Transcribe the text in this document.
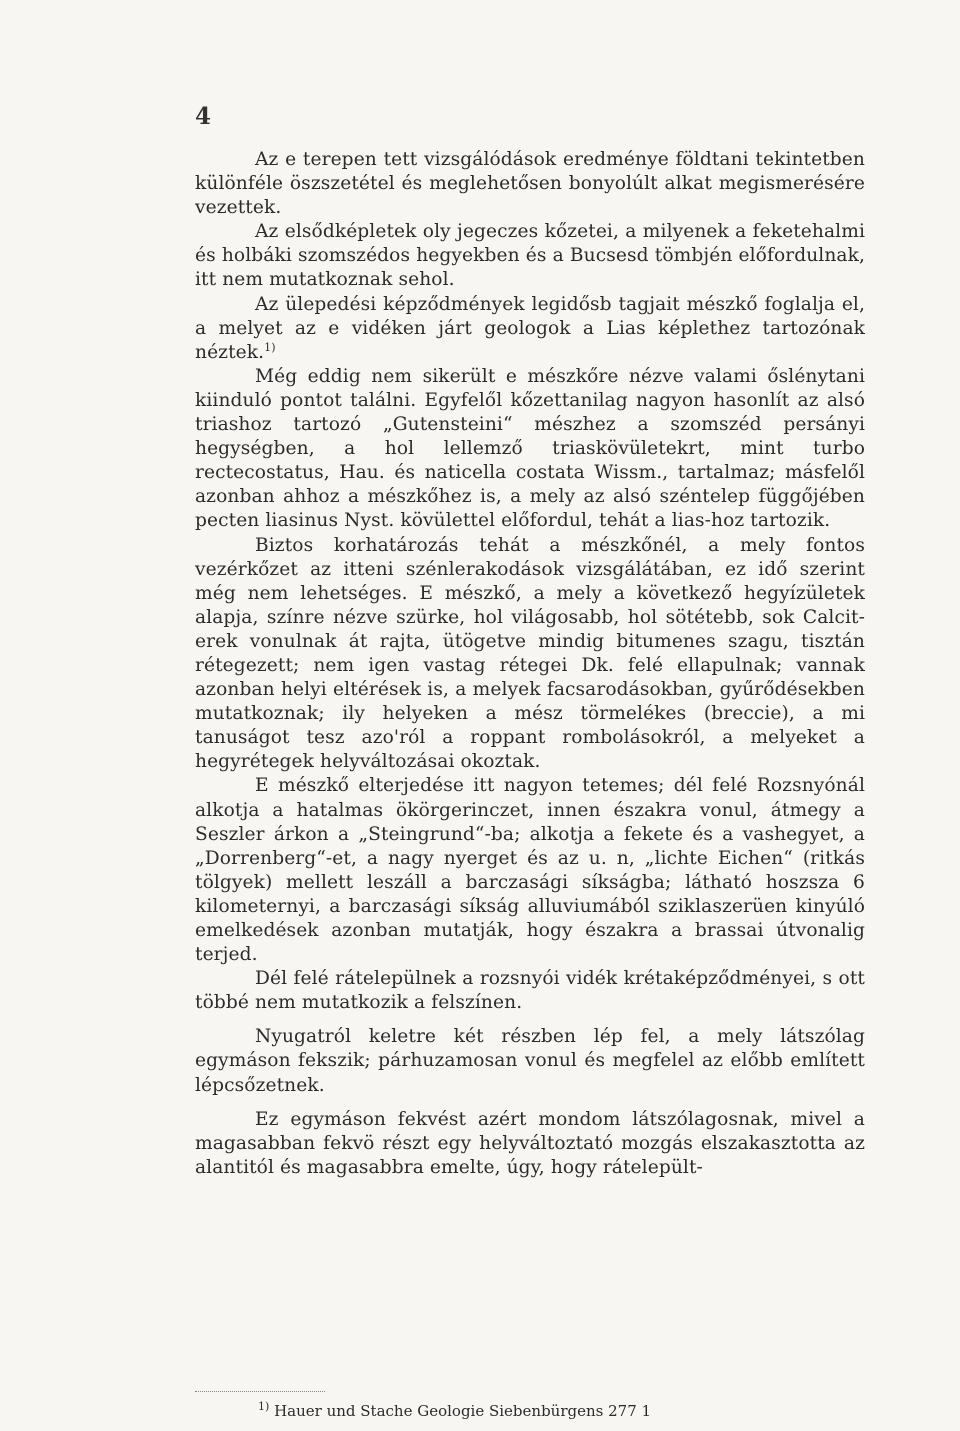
4

Az e terepen tett vizsgálódások eredménye földtani tekintetben különféle öszszetétel és meglehetősen bonyolúlt alkat megismerésére vezettek.

Az elsődképletek oly jegeczes kőzetei, a milyenek a feketehalmi és holbáki szomszédos hegyekben és a Bucsesd tömbjén előfordulnak, itt nem mutatkoznak sehol.

Az ülepedési képződmények legidősb tagjait mészkő foglalja el, a melyet az e vidéken járt geologok a Lias képlethez tartozónak néztek.$^{1)}$

Még eddig nem sikerült e mészkőre nézve valami őslénytani kiinduló pontot találni. Egyfelől kőzettanilag nagyon hasonlít az alsó triashoz tartozó „Gutensteini“ mészhez a szomszéd persányi hegységben, a hol lellemző triaskövületekrt, mint turbo rectecostatus, Hau. és naticella costata Wissm., tartalmaz; másfelől azonban ahhoz a mészkőhez is, a mely az alsó széntelep függőjében pecten liasinus Nyst. kövülettel előfordul, tehát a lias-hoz tartozik.

Biztos korhatározás tehát a mészkőnél, a mely fontos vezérkőzet az itteni szénlerakodások vizsgálátában, ez idő szerint még nem lehetséges. E mészkő, a mely a következő hegyízületek alapja, színre nézve szürke, hol világosabb, hol sötétebb, sok Calcit-erek vonulnak át rajta, ütögetve mindig bitumenes szagu, tisztán rétegezett; nem igen vastag rétegei Dk. felé ellapulnak; vannak azonban helyi eltérések is, a melyek facsarodásokban, gyűrődésekben mutatkoznak; ily helyeken a mész törmelékes (breccie), a mi tanuságot tesz azo'ról a roppant rombolásokról, a melyeket a hegyrétegek helyváltozásai okoztak.

E mészkő elterjedése itt nagyon tetemes; dél felé Rozsnyónál alkotja a hatalmas ökörgerinczet, innen északra vonul, átmegy a Seszler árkon a „Steingrund“-ba; alkotja a fekete és a vashegyet, a „Dorrenberg“-et, a nagy nyerget és az u. n, „lichte Eichen“ (ritkás tölgyek) mellett leszáll a barczasági síkságba; látható hoszsza 6 kilometernyi, a barczasági síkság alluviumából sziklaszerüen kinyúló emelkedések azonban mutatják, hogy északra a brassai útvonalig terjed.

Dél felé rátelepülnek a rozsnyói vidék krétaképződményei, s ott többé nem mutatkozik a felszínen.

Nyugatról keletre két részben lép fel, a mely látszólag egymáson fekszik; párhuzamosan vonul és megfelel az előbb említett lépcsőzetnek.

Ez egymáson fekvést azért mondom látszólagosnak, mivel a magasabban fekvö részt egy helyváltoztató mozgás elszakasztotta az alantitól és magasabbra emelte, úgy, hogy rátelepült-

$^{1)}$ Hauer und Stache Geologie Siebenbürgens 277 1
